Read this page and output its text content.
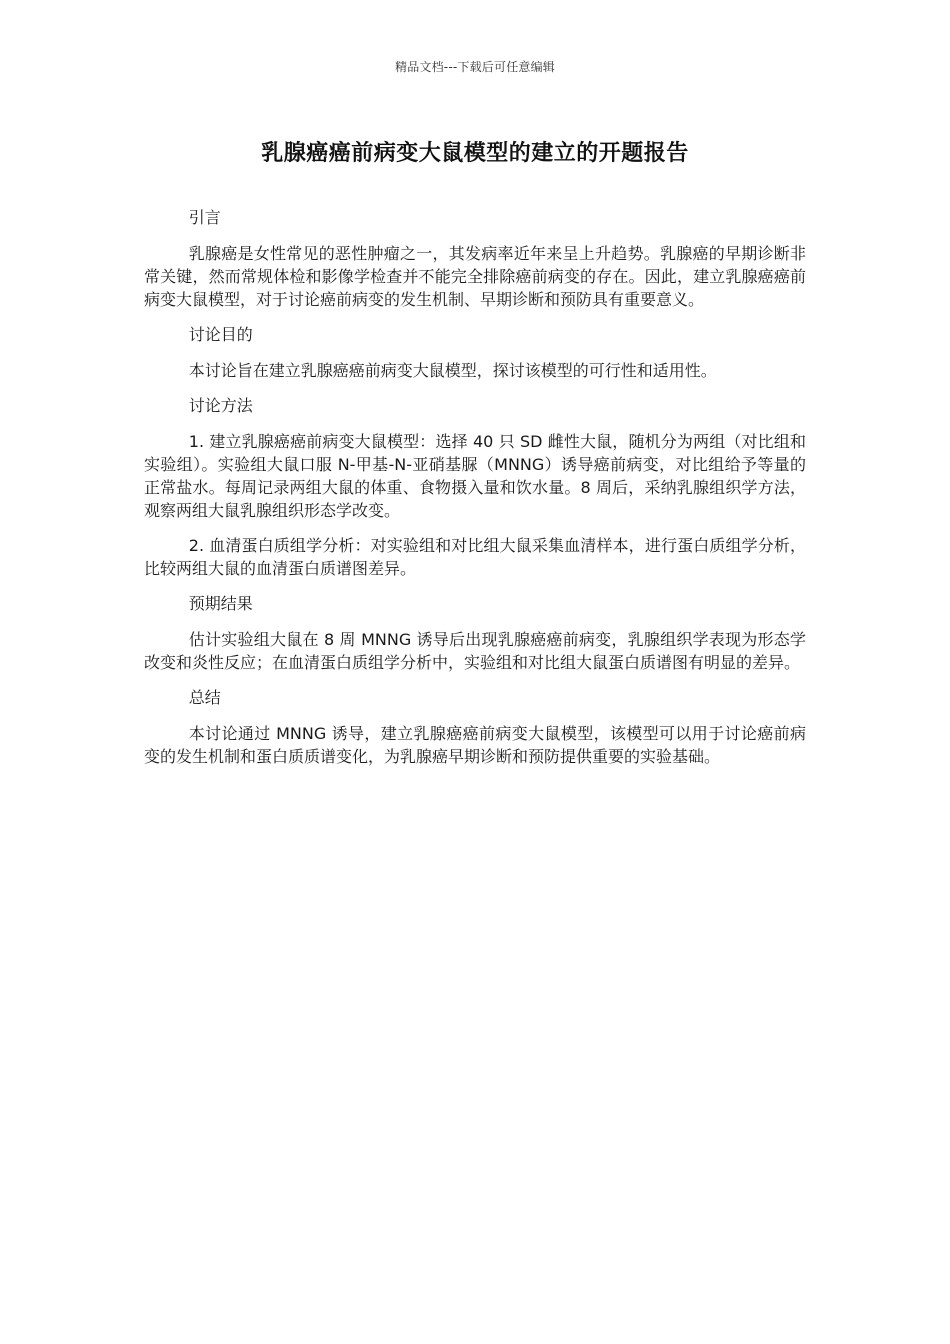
精品文档---下载后可任意编辑
乳腺癌癌前病变大鼠模型的建立的开题报告

引言

乳腺癌是女性常见的恶性肿瘤之一，其发病率近年来呈上升趋势。乳腺癌的早期诊断非常关键，然而常规体检和影像学检查并不能完全排除癌前病变的存在。因此，建立乳腺癌癌前病变大鼠模型，对于讨论癌前病变的发生机制、早期诊断和预防具有重要意义。

讨论目的

本讨论旨在建立乳腺癌癌前病变大鼠模型，探讨该模型的可行性和适用性。

讨论方法

1. 建立乳腺癌癌前病变大鼠模型：选择 40 只 SD 雌性大鼠，随机分为两组（对比组和实验组）。实验组大鼠口服 N-甲基-N-亚硝基脲（MNNG）诱导癌前病变，对比组给予等量的正常盐水。每周记录两组大鼠的体重、食物摄入量和饮水量。8 周后，采纳乳腺组织学方法，观察两组大鼠乳腺组织形态学改变。

2. 血清蛋白质组学分析：对实验组和对比组大鼠采集血清样本，进行蛋白质组学分析，比较两组大鼠的血清蛋白质谱图差异。

预期结果

估计实验组大鼠在 8 周 MNNG 诱导后出现乳腺癌癌前病变，乳腺组织学表现为形态学改变和炎性反应；在血清蛋白质组学分析中，实验组和对比组大鼠蛋白质谱图有明显的差异。

总结

本讨论通过 MNNG 诱导，建立乳腺癌癌前病变大鼠模型，该模型可以用于讨论癌前病变的发生机制和蛋白质质谱变化，为乳腺癌早期诊断和预防提供重要的实验基础。
